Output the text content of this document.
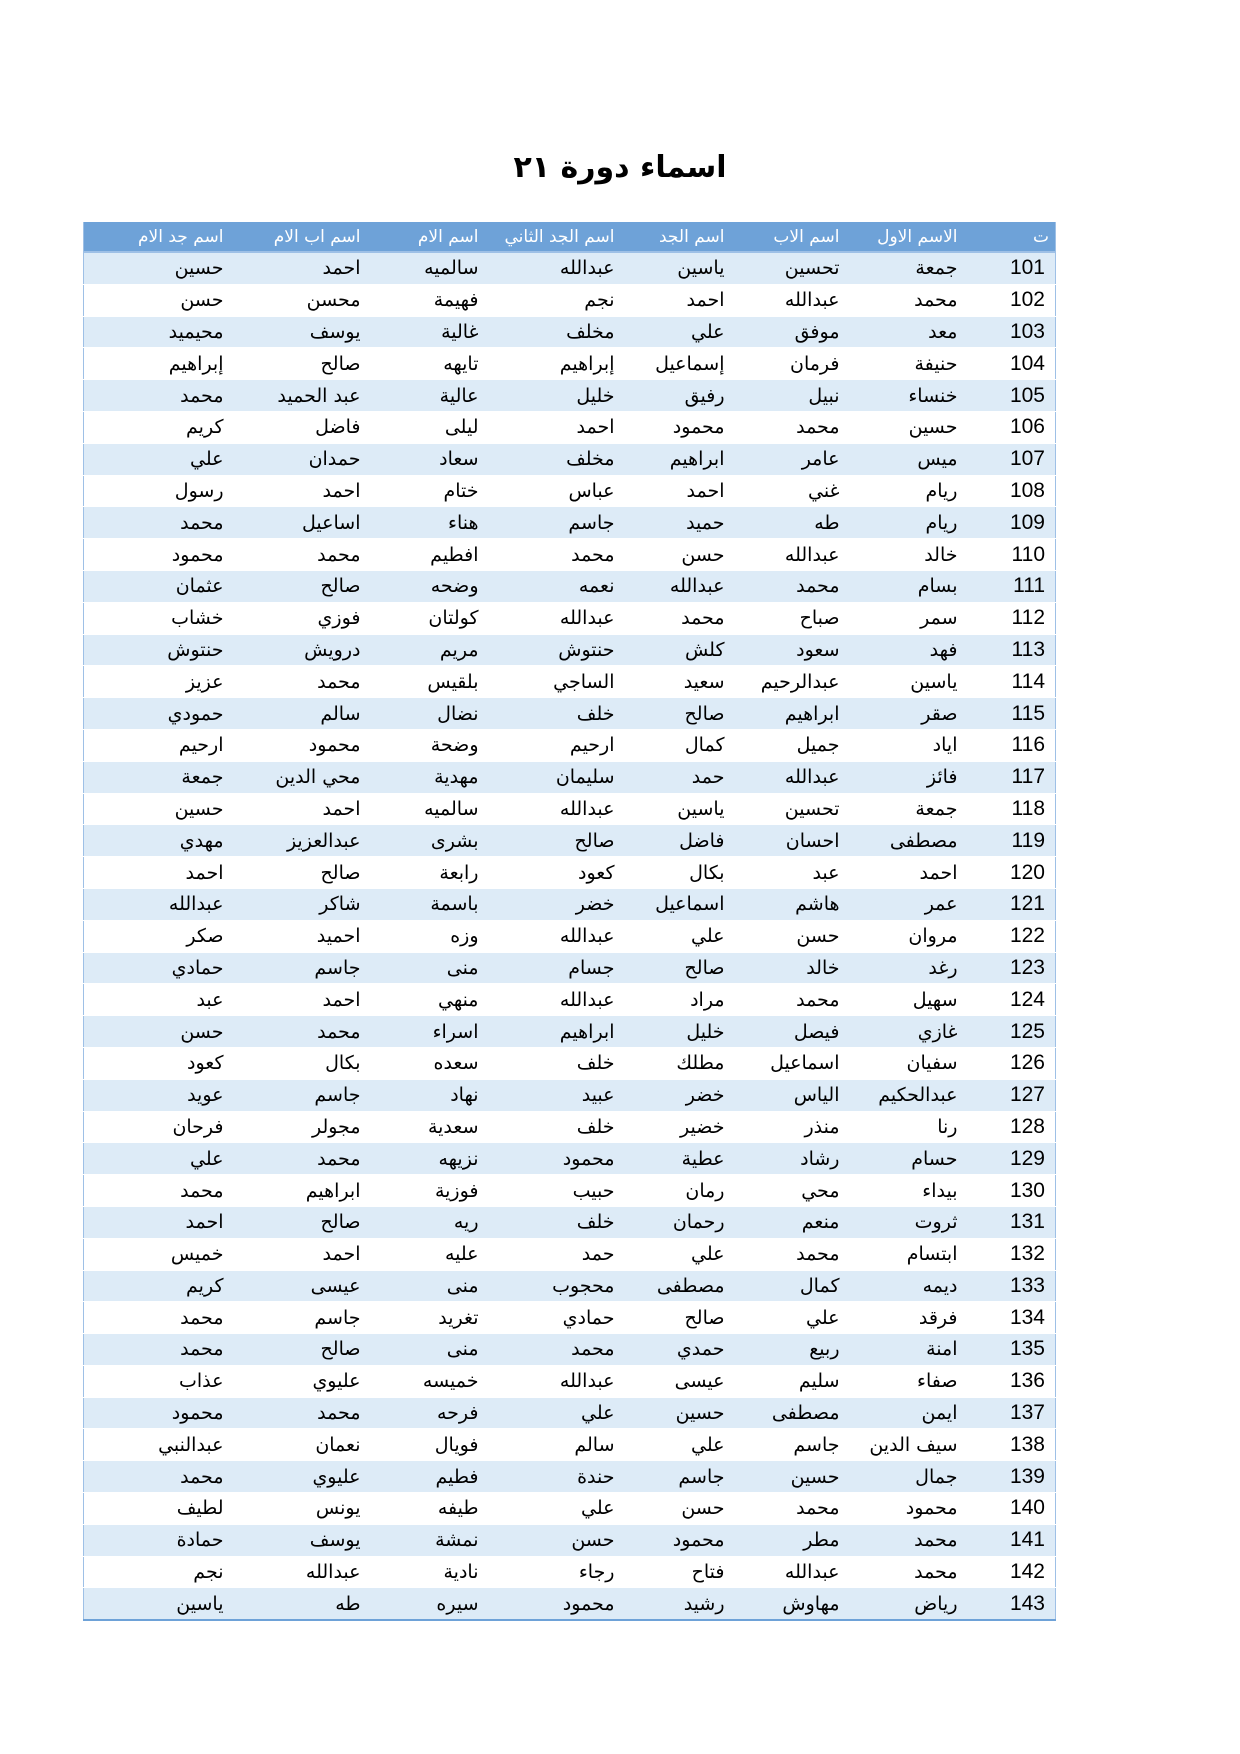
اسماء دورة ٢١
ت	الاسم الاول	اسم الاب	اسم الجد	اسم الجد الثاني	اسم الام	اسم اب الام	اسم جد الام
101	جمعة	تحسين	ياسين	عبدالله	سالميه	احمد	حسين
102	محمد	عبدالله	احمد	نجم	فهيمة	محسن	حسن
103	معد	موفق	علي	مخلف	غالية	يوسف	محيميد
104	حنيفة	فرمان	إسماعيل	إبراهيم	تايهه	صالح	إبراهيم
105	خنساء	نبيل	رفيق	خليل	عالية	عبد الحميد	محمد
106	حسين	محمد	محمود	احمد	ليلى	فاضل	كريم
107	ميس	عامر	ابراهيم	مخلف	سعاد	حمدان	علي
108	ريام	غني	احمد	عباس	ختام	احمد	رسول
109	ريام	طه	حميد	جاسم	هناء	اساعيل	محمد
110	خالد	عبدالله	حسن	محمد	افطيم	محمد	محمود
111	بسام	محمد	عبدالله	نعمه	وضحه	صالح	عثمان
112	سمر	صباح	محمد	عبدالله	كولتان	فوزي	خشاب
113	فهد	سعود	كلش	حنتوش	مريم	درويش	حنتوش
114	ياسين	عبدالرحيم	سعيد	الساجي	بلقيس	محمد	عزيز
115	صقر	ابراهيم	صالح	خلف	نضال	سالم	حمودي
116	اياد	جميل	كمال	ارحيم	وضحة	محمود	ارحيم
117	فائز	عبدالله	حمد	سليمان	مهدية	محي الدين	جمعة
118	جمعة	تحسين	ياسين	عبدالله	سالميه	احمد	حسين
119	مصطفى	احسان	فاضل	صالح	بشرى	عبدالعزيز	مهدي
120	احمد	عبد	بكال	كعود	رابعة	صالح	احمد
121	عمر	هاشم	اسماعيل	خضر	باسمة	شاكر	عبدالله
122	مروان	حسن	علي	عبدالله	وزه	احميد	صكر
123	رغد	خالد	صالح	جسام	منى	جاسم	حمادي
124	سهيل	محمد	مراد	عبدالله	منهي	احمد	عبد
125	غازي	فيصل	خليل	ابراهيم	اسراء	محمد	حسن
126	سفيان	اسماعيل	مطلك	خلف	سعده	بكال	كعود
127	عبدالحكيم	الياس	خضر	عبيد	نهاد	جاسم	عويد
128	رنا	منذر	خضير	خلف	سعدية	مجولر	فرحان
129	حسام	رشاد	عطية	محمود	نزيهه	محمد	علي
130	بيداء	محي	رمان	حبيب	فوزية	ابراهيم	محمد
131	ثروت	منعم	رحمان	خلف	ريه	صالح	احمد
132	ابتسام	محمد	علي	حمد	عليه	احمد	خميس
133	ديمه	كمال	مصطفى	محجوب	منى	عيسى	كريم
134	فرقد	علي	صالح	حمادي	تغريد	جاسم	محمد
135	امنة	ربيع	حمدي	محمد	منى	صالح	محمد
136	صفاء	سليم	عيسى	عبدالله	خميسه	عليوي	عذاب
137	ايمن	مصطفى	حسين	علي	فرحه	محمد	محمود
138	سيف الدين	جاسم	علي	سالم	فويال	نعمان	عبدالنبي
139	جمال	حسين	جاسم	حندة	فطيم	عليوي	محمد
140	محمود	محمد	حسن	علي	طيفه	يونس	لطيف
141	محمد	مطر	محمود	حسن	نمشة	يوسف	حمادة
142	محمد	عبدالله	فتاح	رجاء	نادية	عبدالله	نجم
143	رياض	مهاوش	رشيد	محمود	سيره	طه	ياسين
